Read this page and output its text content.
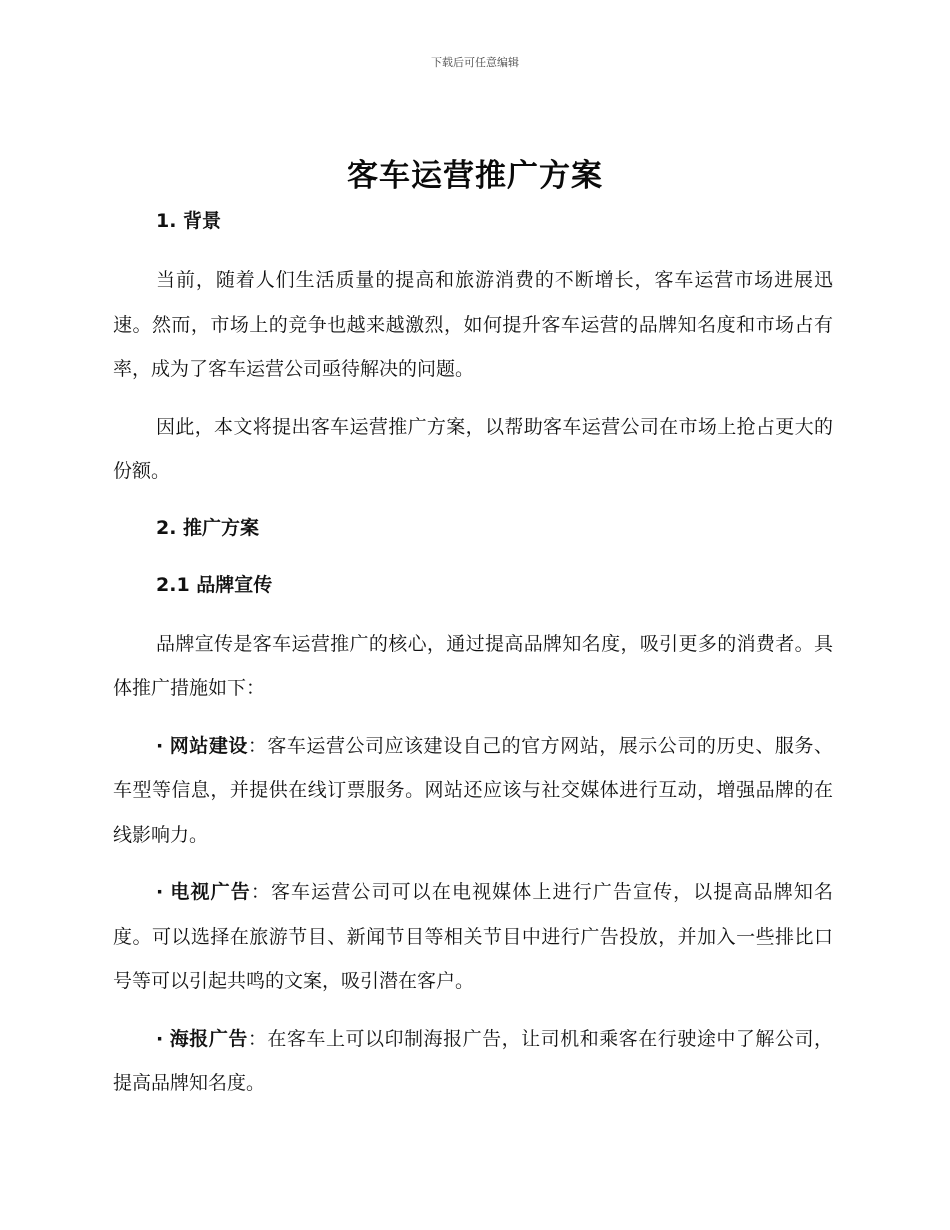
下载后可任意编辑
客车运营推广方案
1. 背景

当前，随着人们生活质量的提高和旅游消费的不断增长，客车运营市场进展迅速。然而，市场上的竞争也越来越激烈，如何提升客车运营的品牌知名度和市场占有率，成为了客车运营公司亟待解决的问题。

因此，本文将提出客车运营推广方案，以帮助客车运营公司在市场上抢占更大的份额。

2. 推广方案
2.1 品牌宣传

品牌宣传是客车运营推广的核心，通过提高品牌知名度，吸引更多的消费者。具体推广措施如下：

· 网站建设：客车运营公司应该建设自己的官方网站，展示公司的历史、服务、车型等信息，并提供在线订票服务。网站还应该与社交媒体进行互动，增强品牌的在线影响力。

· 电视广告：客车运营公司可以在电视媒体上进行广告宣传，以提高品牌知名度。可以选择在旅游节目、新闻节目等相关节目中进行广告投放，并加入一些排比口号等可以引起共鸣的文案，吸引潜在客户。

· 海报广告：在客车上可以印制海报广告，让司机和乘客在行驶途中了解公司，提高品牌知名度。
